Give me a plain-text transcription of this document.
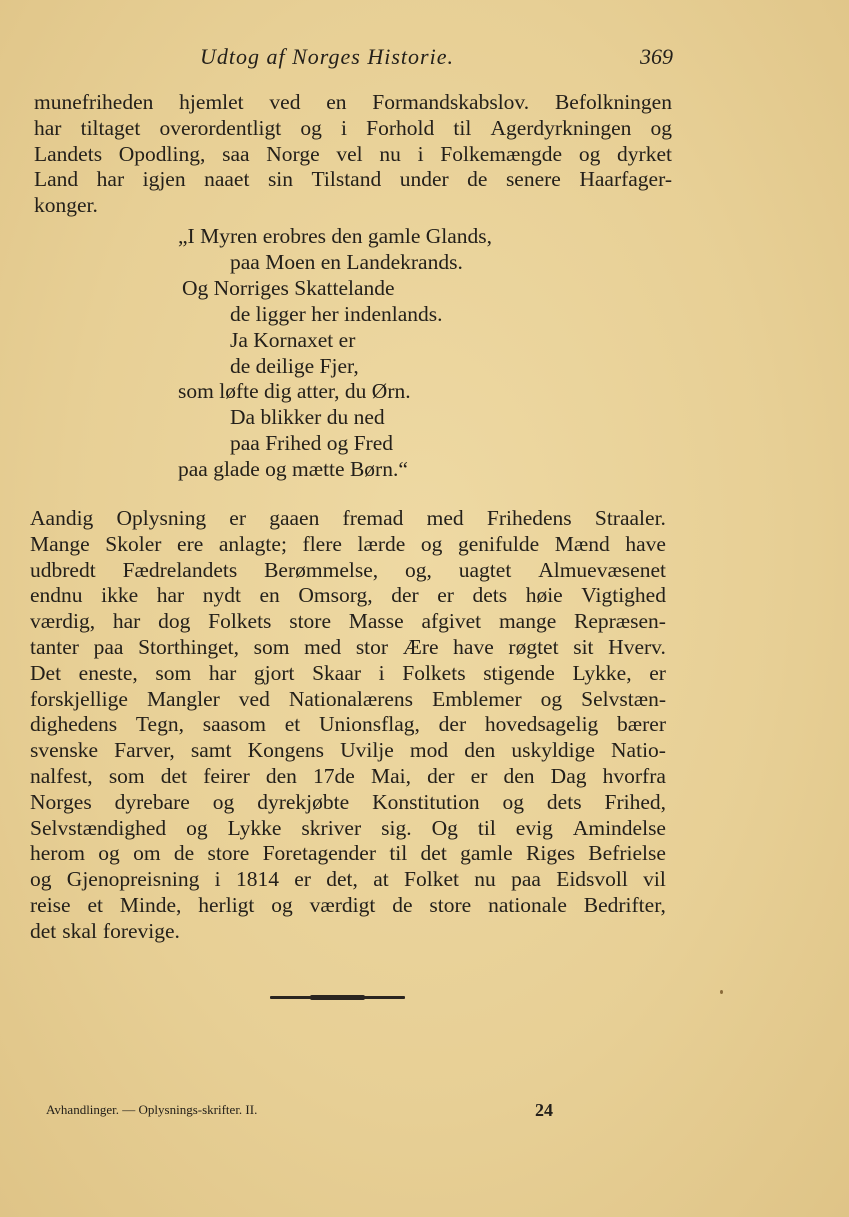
Udtog af Norges Historie.	369
munefriheden hjemlet ved en Formandskabslov. Befolkningen
har tiltaget overordentligt og i Forhold til Agerdyrkningen og
Landets Opodling, saa Norge vel nu i Folkemængde og dyrket
Land har igjen naaet sin Tilstand under de senere Haarfager-
konger.
„I Myren erobres den gamle Glands,
paa Moen en Landekrands.
Og Norriges Skattelande
de ligger her indenlands.
Ja Kornaxet er
de deilige Fjer,
som løfte dig atter, du Ørn.
Da blikker du ned
paa Frihed og Fred
paa glade og mætte Børn.“
Aandig Oplysning er gaaen fremad med Frihedens Straaler.
Mange Skoler ere anlagte; flere lærde og genifulde Mænd have
udbredt Fædrelandets Berømmelse, og, uagtet Almuevæsenet
endnu ikke har nydt en Omsorg, der er dets høie Vigtighed
værdig, har dog Folkets store Masse afgivet mange Repræsen-
tanter paa Storthinget, som med stor Ære have røgtet sit Hverv.
Det eneste, som har gjort Skaar i Folkets stigende Lykke, er
forskjellige Mangler ved Nationalærens Emblemer og Selvstæn-
dighedens Tegn, saasom et Unionsflag, der hovedsagelig bærer
svenske Farver, samt Kongens Uvilje mod den uskyldige Natio-
nalfest, som det feirer den 17de Mai, der er den Dag hvorfra
Norges dyrebare og dyrekjøbte Konstitution og dets Frihed,
Selvstændighed og Lykke skriver sig. Og til evig Amindelse
herom og om de store Foretagender til det gamle Riges Befrielse
og Gjenopreisning i 1814 er det, at Folket nu paa Eidsvoll vil
reise et Minde, herligt og værdigt de store nationale Bedrifter,
det skal forevige.
Avhandlinger. — Oplysnings-skrifter. II.	24
